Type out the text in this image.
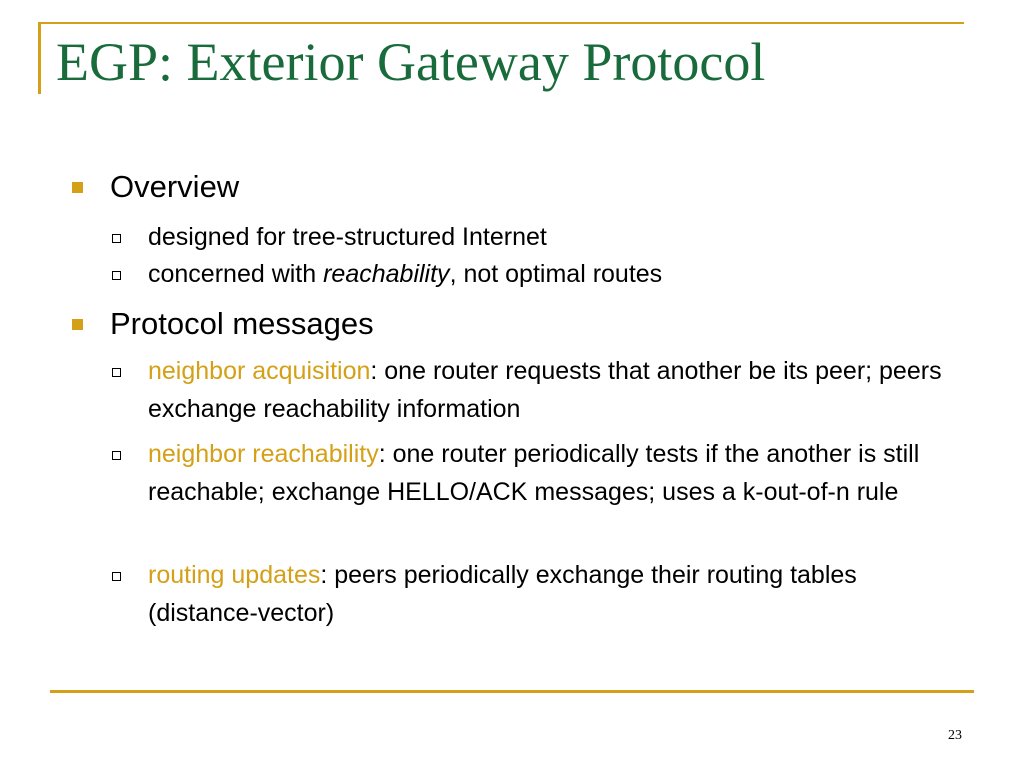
EGP: Exterior Gateway Protocol
Overview
designed for tree-structured Internet
concerned with reachability, not optimal routes
Protocol messages
neighbor acquisition: one router requests that another be its peer; peers exchange reachability information
neighbor reachability: one router periodically tests if the another is still reachable; exchange HELLO/ACK messages; uses a k-out-of-n rule
routing updates: peers periodically exchange their routing tables (distance-vector)
23
